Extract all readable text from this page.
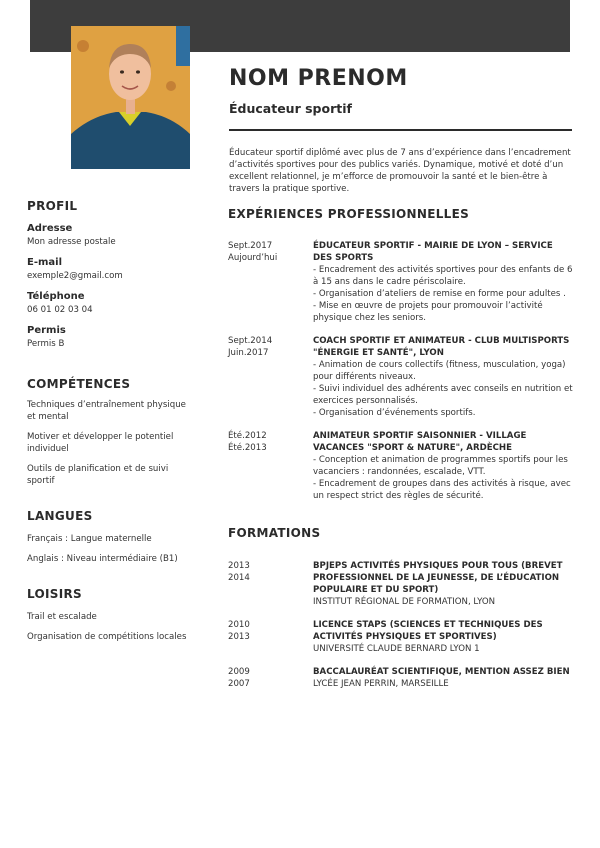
NOM PRENOM
Éducateur sportif
Éducateur sportif diplômé avec plus de 7 ans d’expérience dans l’encadrement d’activités sportives pour des publics variés. Dynamique, motivé et doté d’un excellent relationnel, je m’efforce de promouvoir la santé et le bien-être à travers la pratique sportive.
PROFIL
Adresse
Mon adresse postale
E-mail
exemple2@gmail.com
Téléphone
06 01 02 03 04
Permis
Permis B
COMPÉTENCES
Techniques d’entraînement physique et mental
Motiver et développer le potentiel individuel
Outils de planification et de suivi sportif
LANGUES
Français : Langue maternelle
Anglais : Niveau intermédiaire (B1)
LOISIRS
Trail et escalade
Organisation de compétitions locales
EXPÉRIENCES PROFESSIONNELLES
Sept.2017
Aujourd’hui
ÉDUCATEUR SPORTIF - MAIRIE DE LYON – SERVICE DES SPORTS
- Encadrement des activités sportives pour des enfants de 6 à 15 ans dans le cadre périscolaire.
- Organisation d’ateliers de remise en forme pour adultes .
- Mise en œuvre de projets pour promouvoir l’activité physique chez les seniors.
Sept.2014
Juin.2017
COACH SPORTIF ET ANIMATEUR - CLUB MULTISPORTS "ÉNERGIE ET SANTÉ", LYON
- Animation de cours collectifs (fitness, musculation, yoga) pour différents niveaux.
- Suivi individuel des adhérents avec conseils en nutrition et exercices personnalisés.
- Organisation d’événements sportifs.
Été.2012
Été.2013
ANIMATEUR SPORTIF SAISONNIER - VILLAGE VACANCES "SPORT & NATURE", ARDÈCHE
- Conception et animation de programmes sportifs pour les vacanciers : randonnées, escalade, VTT.
- Encadrement de groupes dans des activités à risque, avec un respect strict des règles de sécurité.
FORMATIONS
2013
2014
BPJEPS ACTIVITÉS PHYSIQUES POUR TOUS (BREVET PROFESSIONNEL DE LA JEUNESSE, DE L’ÉDUCATION POPULAIRE ET DU SPORT)
INSTITUT RÉGIONAL DE FORMATION, LYON
2010
2013
LICENCE STAPS (SCIENCES ET TECHNIQUES DES ACTIVITÉS PHYSIQUES ET SPORTIVES)
UNIVERSITÉ CLAUDE BERNARD LYON 1
2009
2007
BACCALAURÉAT SCIENTIFIQUE, MENTION ASSEZ BIEN
LYCÉE JEAN PERRIN, MARSEILLE
